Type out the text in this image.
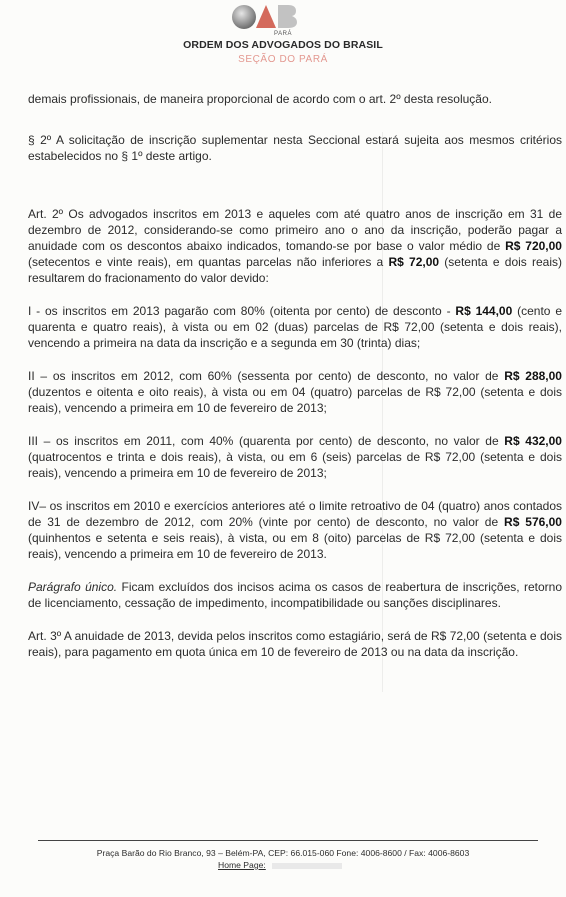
PARÁ
ORDEM DOS ADVOGADOS DO BRASIL
SEÇÃO DO PARÁ

demais profissionais, de maneira proporcional de acordo com o art. 2º desta resolução.

§ 2º A solicitação de inscrição suplementar nesta Seccional estará sujeita aos mesmos critérios estabelecidos no § 1º deste artigo.

Art. 2º Os advogados inscritos em 2013 e aqueles com até quatro anos de inscrição em 31 de dezembro de 2012, considerando-se como primeiro ano o ano da inscrição, poderão pagar a anuidade com os descontos abaixo indicados, tomando-se por base o valor médio de R$ 720,00 (setecentos e vinte reais), em quantas parcelas não inferiores a R$ 72,00 (setenta e dois reais) resultarem do fracionamento do valor devido:

I - os inscritos em 2013 pagarão com 80% (oitenta por cento) de desconto - R$ 144,00 (cento e quarenta e quatro reais), à vista ou em 02 (duas) parcelas de R$ 72,00 (setenta e dois reais), vencendo a primeira na data da inscrição e a segunda em 30 (trinta) dias;

II – os inscritos em 2012, com 60% (sessenta por cento) de desconto, no valor de R$ 288,00 (duzentos e oitenta e oito reais), à vista ou em 04 (quatro) parcelas de R$ 72,00 (setenta e dois reais), vencendo a primeira em 10 de fevereiro de 2013;

III – os inscritos em 2011, com 40% (quarenta por cento) de desconto, no valor de R$ 432,00 (quatrocentos e trinta e dois reais), à vista, ou em 6 (seis) parcelas de R$ 72,00 (setenta e dois reais), vencendo a primeira em 10 de fevereiro de 2013;

IV– os inscritos em 2010 e exercícios anteriores até o limite retroativo de 04 (quatro) anos contados de 31 de dezembro de 2012, com 20% (vinte por cento) de desconto, no valor de R$ 576,00 (quinhentos e setenta e seis reais), à vista, ou em 8 (oito) parcelas de R$ 72,00 (setenta e dois reais), vencendo a primeira em 10 de fevereiro de 2013.

Parágrafo único. Ficam excluídos dos incisos acima os casos de reabertura de inscrições, retorno de licenciamento, cessação de impedimento, incompatibilidade ou sanções disciplinares.

Art. 3º A anuidade de 2013, devida pelos inscritos como estagiário, será de R$ 72,00 (setenta e dois reais), para pagamento em quota única em 10 de fevereiro de 2013 ou na data da inscrição.

Praça Barão do Rio Branco, 93 – Belém-PA, CEP: 66.015-060 Fone: 4006-8600 / Fax: 4006-8603
Home Page:
